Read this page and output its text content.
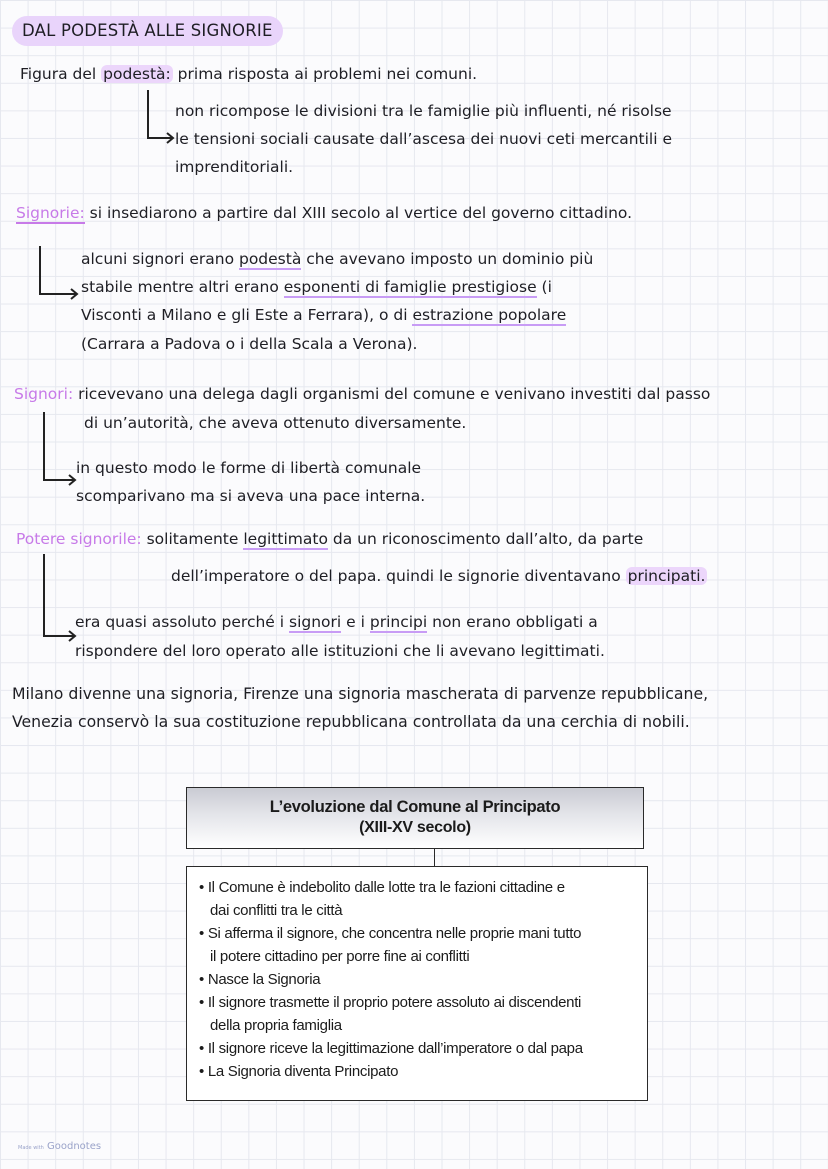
DAL PODESTÀ ALLE SIGNORIE
Figura del podestà: prima risposta ai problemi nei comuni.
non ricompose le divisioni tra le famiglie più influenti, né risolse
le tensioni sociali causate dall’ascesa dei nuovi ceti mercantili e
imprenditoriali.
Signorie: si insediarono a partire dal XIII secolo al vertice del governo cittadino.
alcuni signori erano podestà che avevano imposto un dominio più
stabile mentre altri erano esponenti di famiglie prestigiose (i
Visconti a Milano e gli Este a Ferrara), o di estrazione popolare
(Carrara a Padova o i della Scala a Verona).
Signori: ricevevano una delega dagli organismi del comune e venivano investiti dal passo
di un’autorità, che aveva ottenuto diversamente.
in questo modo le forme di libertà comunale
scomparivano ma si aveva una pace interna.
Potere signorile: solitamente legittimato da un riconoscimento dall’alto, da parte
dell’imperatore o del papa. quindi le signorie diventavano principati.
era quasi assoluto perché i signori e i principi non erano obbligati a
rispondere del loro operato alle istituzioni che li avevano legittimati.
Milano divenne una signoria, Firenze una signoria mascherata di parvenze repubblicane,
Venezia conservò la sua costituzione repubblicana controllata da una cerchia di nobili.
L’evoluzione dal Comune al Principato
(XIII-XV secolo)
• Il Comune è indebolito dalle lotte tra le fazioni cittadine e
dai conflitti tra le città
• Si afferma il signore, che concentra nelle proprie mani tutto
il potere cittadino per porre fine ai conflitti
• Nasce la Signoria
• Il signore trasmette il proprio potere assoluto ai discendenti
della propria famiglia
• Il signore riceve la legittimazione dall’imperatore o dal papa
• La Signoria diventa Principato
Made with Goodnotes
